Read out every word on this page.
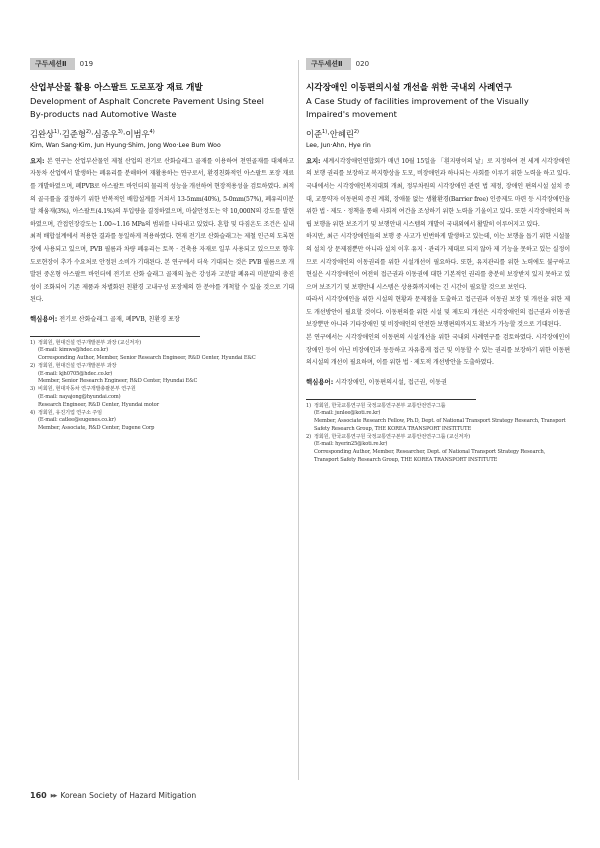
구두세션Ⅱ	019
산업부산물 활용 아스팔트 도로포장 재료 개발
Development of Asphalt Concrete Pavement Using Steel
By-products nad Automotive Waste
김완상$^{1)}$·김준형$^{2)}$·심종우$^{3)}$·이범우$^{4)}$
Kim, Wan Sang·Kim, Jun Hyung·Shim, Jong Woo·Lee Bum Woo

요지: 본 연구는 산업부산물인 제철 산업의 전기로 산화슬래그 골재를 이용하여 천연골재를 대체하고 자동차 산업에서 발생하는 폐유리를 분해하여 재활용하는 연구로서, 환경친화적인 아스팔트 포장 재료를 개발하였으며, 폐PVB로 아스팔트 바인더의 물리적 성능을 개선하여 현장적용성을 검토하였다. 최적의 골극률을 결정하기 위한 반복적인 배합설계를 거쳐서 13-5mm(40%), 5-0mm(57%), 폐유리미분말 채움재(3%), 아스팔트(4.1%)의 투입량을 결정하였으며, 마샬안정도는 약 10,000N의 강도를 발현하였으며, 간접인장강도는 1.00~1.16 MPa의 범위를 나타내고 있었다. 혼합 및 다짐온도 조건은 실내 최적 배합설계에서 적용한 결과를 동일하게 적용하였다. 현재 전기로 산화슬래그는 제철 인근의 도록현장에 사용되고 있으며, PVB 필름과 차량 폐유리는 토목 · 건축용 자재로 일부 사용되고 있으므로 향후 도로현장이 추가 수요처로 안정된 소비가 기대된다. 본 연구에서 더욱 기대되는 것은 PVB 필름으로 개발된 중온형 아스팔트 바인더에 전기로 산화 슬래그 골재의 높은 강성과 고분말 폐유리 미분말의 충진성이 조화되어 기존 제품과 차별화된 친환경 고내구성 포장체의 한 분야를 개척할 수 있을 것으로 기대된다.

핵심용어: 전기로 산화슬래그 골재, 폐PVB, 친환경 포장
1) 정회원, 현대건설 연구개발본부 과장 (교신저자)
(E-mail: kimws@hdec.co.kr)
Corresponding Author, Member, Senior Research Engineer, R&D Center, Hyundai E&C
2) 정회원, 현대건설 연구개발본부 과장
(E-mail: kjh0705@hdec.co.kr)
Member, Senior Research Engineer, R&D Center, Hyundai E&C
3) 비회원, 현대자동차 연구개발총괄본부 연구원
(E-mail: nayajong@hyundai.com)
Research Engineer, R&D Center, Hyundai motor
4) 정회원, 유진기업 연구소 주임
(E-mail: catlee@eugenes.co.kr)
Member, Associate, R&D Center, Eugene Corp
구두세션Ⅱ	020
시각장애인 이동편의시설 개선을 위한 국내외 사례연구
A Case Study of facilities improvement of the Visually
Impaired's movement
이준$^{1)}$·안혜린$^{2)}$
Lee, Jun·Ahn, Hye rin

요지: 세계시각장애인연합회가 매년 10월 15일을 「흰지팡이의 날」로 지정하여 전 세계 시각장애인의 보행 권리를 보장하고 복지향상을 도모, 비장애인과 하나되는 사회를 이루기 위한 노력을 하고 있다. 국내에서는 시각장애인복지대회 개최, 정부차원의 시각장애인 관련 법 제정, 장애인 편의시설 설치 증대, 교통약자 이동편의 증진 계획, 장애물 없는 생활환경(Barrier free) 인증제도 마련 등 시각장애인을 위한 법 · 제도 · 정책을 통해 사회적 여건을 조성하기 위한 노력을 기울이고 있다. 또한 시각장애인의 독립 보행을 위한 보조기기 및 보행안내 시스템의 개발이 국내외에서 활발히 이루어지고 있다.

하지만, 최근 시각장애인들의 보행 중 사고가 빈번하게 발생하고 있는데, 이는 보행을 돕기 위한 시설물의 설치 상 문제점뿐만 아니라 설치 이후 유지 · 관리가 제대로 되지 않아 제 기능을 못하고 있는 실정이므로 시각장애인의 이동권리를 위한 시설개선이 필요하다. 또한, 유지관리를 위한 노력에도 불구하고 현실은 시각장애인이 여전히 접근권과 이동권에 대한 기본적인 권리를 충분히 보장받지 있지 못하고 있으며 보조기기 및 보행안내 시스템은 상용화까지에는 긴 시간이 필요할 것으로 보인다.

따라서 시각장애인을 위한 시설의 현황과 문제점을 도출하고 접근권과 이동권 보장 및 개선을 위한 제도 개선방안이 필요할 것이다. 이동편의를 위한 시설 및 제도의 개선은 시각장애인의 접근권과 이동권 보장뿐만 아니라 기타장애인 및 비장애인의 안전한 보행편의까지도 확보가 가능할 것으로 기대된다.

본 연구에서는 시각장애인의 이동편의 시설개선을 위한 국내외 사례연구를 검토하였다. 시각장애인이 장애인 등이 아닌 비장애인과 동등하고 자유롭게 접근 및 이동할 수 있는 권리를 보장하기 위한 이동편의시설의 개선이 필요하며, 이를 위한 법 · 제도적 개선방안을 도출하였다.

핵심용어: 시각장애인, 이동편의시설, 접근권, 이동권
1) 정회원, 한국교통연구원 국정교통연구본부 교통안전연구그룹
(E-mail: junlee@koti.re.kr)
Member, Associate Research Fellow, Ph.D, Dept. of National Transport Strategy Research, Transport Safety Research Group, THE KOREA TRANSPORT INSTITUTE
2) 정회원, 한국교통연구원 국정교통연구본부 교통안전연구그룹 (교신저자)
(E-mail: hyerin25@koti.re.kr)
Corresponding Author, Member, Researcher, Dept. of National Transport Strategy Research, Transport Safety Research Group, THE KOREA TRANSPORT INSTITUTE
160 ▶▶ Korean Society of Hazard Mitigation
